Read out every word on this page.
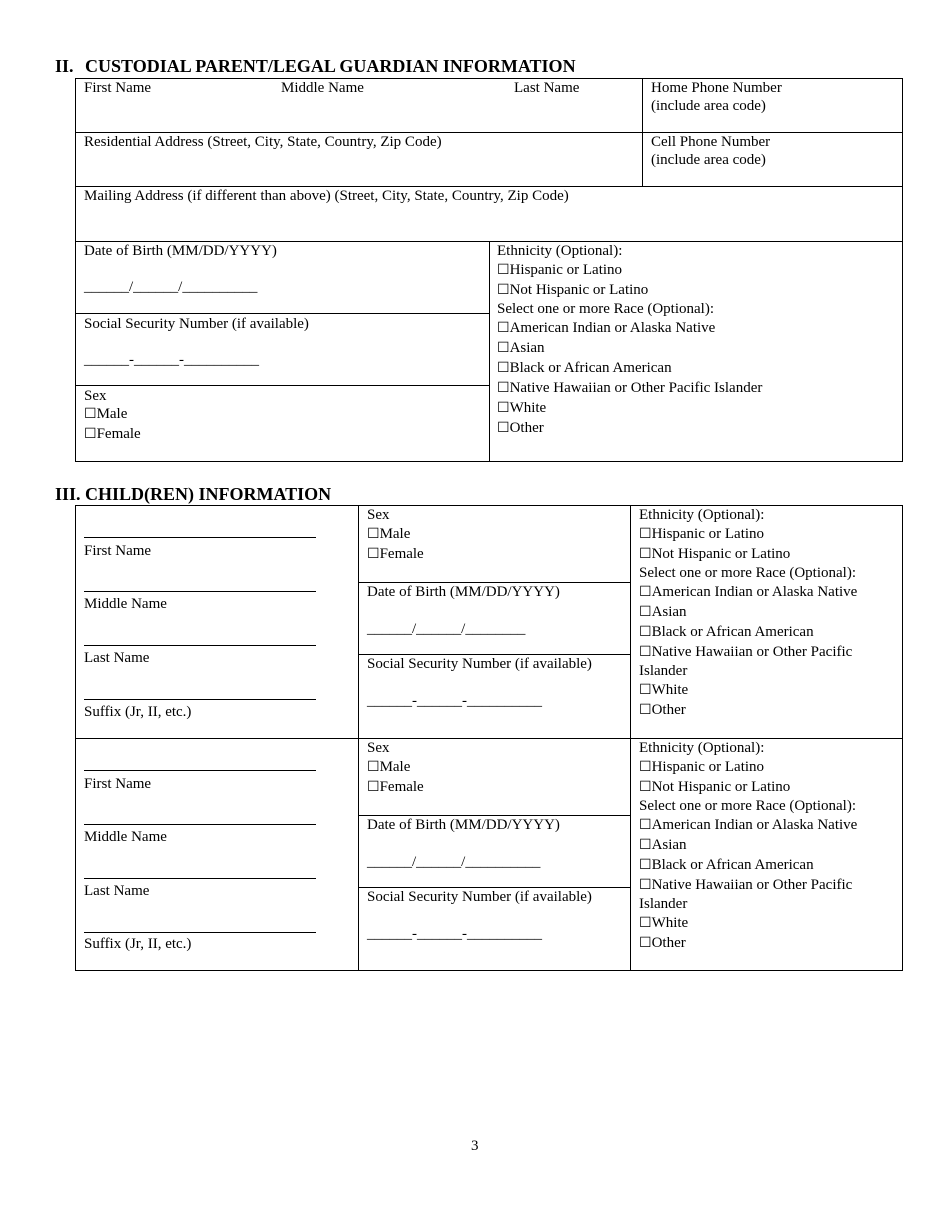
II. CUSTODIAL PARENT/LEGAL GUARDIAN INFORMATION
First Name	Middle Name	Last Name	Home Phone Number
(include area code)
Residential Address (Street, City, State, Country, Zip Code)	Cell Phone Number
(include area code)
Mailing Address (if different than above) (Street, City, State, Country, Zip Code)
Date of Birth (MM/DD/YYYY)
______/______/__________
Social Security Number (if available)
______-______-__________
Sex
☐ Male
☐ Female
Ethnicity (Optional):
☐ Hispanic or Latino
☐ Not Hispanic or Latino
Select one or more Race (Optional):
☐ American Indian or Alaska Native
☐ Asian
☐ Black or African American
☐ Native Hawaiian or Other Pacific Islander
☐ White
☐ Other
III. CHILD(REN) INFORMATION
First Name
Middle Name
Last Name
Suffix (Jr, II, etc.)
Sex
☐ Male
☐ Female
Date of Birth (MM/DD/YYYY)
______/______/________
Social Security Number (if available)
______-______-__________
Ethnicity (Optional):
☐ Hispanic or Latino
☐ Not Hispanic or Latino
Select one or more Race (Optional):
☐ American Indian or Alaska Native
☐ Asian
☐ Black or African American
☐ Native Hawaiian or Other Pacific
Islander
☐ White
☐ Other
First Name
Middle Name
Last Name
Suffix (Jr, II, etc.)
Sex
☐ Male
☐ Female
Date of Birth (MM/DD/YYYY)
______/______/__________
Social Security Number (if available)
______-______-__________
Ethnicity (Optional):
☐ Hispanic or Latino
☐ Not Hispanic or Latino
Select one or more Race (Optional):
☐ American Indian or Alaska Native
☐ Asian
☐ Black or African American
☐ Native Hawaiian or Other Pacific
Islander
☐ White
☐ Other
3
